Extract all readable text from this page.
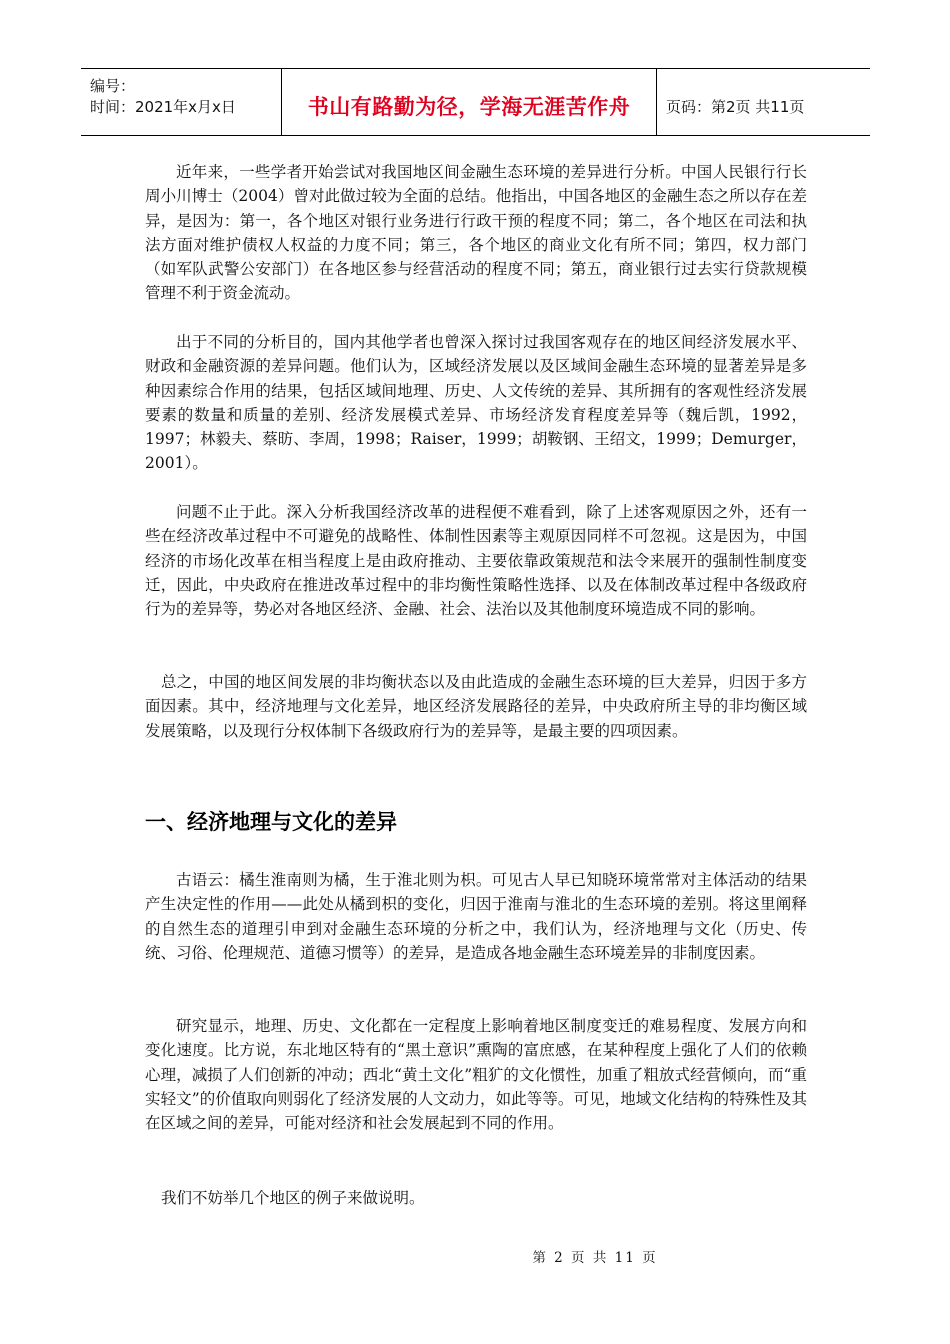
编号：
时间：2021年x月x日	书山有路勤为径，学海无涯苦作舟	页码：第2页 共11页

近年来，一些学者开始尝试对我国地区间金融生态环境的差异进行分析。中国人民银行行长周小川博士（2004）曾对此做过较为全面的总结。他指出，中国各地区的金融生态之所以存在差异，是因为：第一，各个地区对银行业务进行行政干预的程度不同；第二，各个地区在司法和执法方面对维护债权人权益的力度不同；第三，各个地区的商业文化有所不同；第四，权力部门（如军队武警公安部门）在各地区参与经营活动的程度不同；第五，商业银行过去实行贷款规模管理不利于资金流动。

出于不同的分析目的，国内其他学者也曾深入探讨过我国客观存在的地区间经济发展水平、财政和金融资源的差异问题。他们认为，区域经济发展以及区域间金融生态环境的显著差异是多种因素综合作用的结果，包括区域间地理、历史、人文传统的差异、其所拥有的客观性经济发展要素的数量和质量的差别、经济发展模式差异、市场经济发育程度差异等（魏后凯，1992，1997；林毅夫、蔡昉、李周，1998；Raiser，1999；胡鞍钢、王绍文，1999；Demurger，2001）。

问题不止于此。深入分析我国经济改革的进程便不难看到，除了上述客观原因之外，还有一些在经济改革过程中不可避免的战略性、体制性因素等主观原因同样不可忽视。这是因为，中国经济的市场化改革在相当程度上是由政府推动、主要依靠政策规范和法令来展开的强制性制度变迁，因此，中央政府在推进改革过程中的非均衡性策略性选择、以及在体制改革过程中各级政府行为的差异等，势必对各地区经济、金融、社会、法治以及其他制度环境造成不同的影响。

总之，中国的地区间发展的非均衡状态以及由此造成的金融生态环境的巨大差异，归因于多方面因素。其中，经济地理与文化差异，地区经济发展路径的差异，中央政府所主导的非均衡区域发展策略，以及现行分权体制下各级政府行为的差异等，是最主要的四项因素。

一、经济地理与文化的差异

古语云：橘生淮南则为橘，生于淮北则为枳。可见古人早已知晓环境常常对主体活动的结果产生决定性的作用——此处从橘到枳的变化，归因于淮南与淮北的生态环境的差别。将这里阐释的自然生态的道理引申到对金融生态环境的分析之中，我们认为，经济地理与文化（历史、传统、习俗、伦理规范、道德习惯等）的差异，是造成各地金融生态环境差异的非制度因素。

研究显示，地理、历史、文化都在一定程度上影响着地区制度变迁的难易程度、发展方向和变化速度。比方说，东北地区特有的“黑土意识”熏陶的富庶感，在某种程度上强化了人们的依赖心理，减损了人们创新的冲动；西北“黄土文化”粗犷的文化惯性，加重了粗放式经营倾向，而“重实轻文”的价值取向则弱化了经济发展的人文动力，如此等等。可见，地域文化结构的特殊性及其在区域之间的差异，可能对经济和社会发展起到不同的作用。

我们不妨举几个地区的例子来做说明。

第 2 页 共 11 页
